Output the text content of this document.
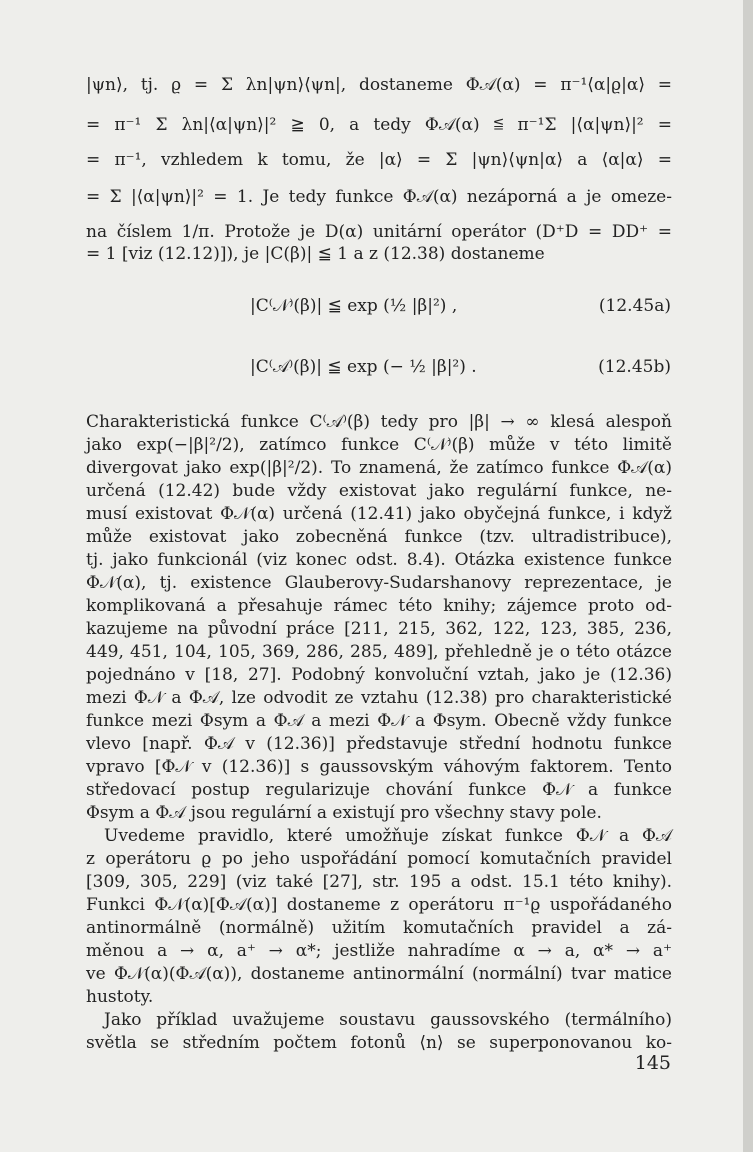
|ψn⟩, tj. ϱ = Σ λn|ψn⟩⟨ψn|, dostaneme Φ𝒜(α) = π⁻¹⟨α|ϱ|α⟩ =
= π⁻¹ Σ λn|⟨α|ψn⟩|² ≧ 0, a tedy Φ𝒜(α) ≦ π⁻¹Σ |⟨α|ψn⟩|² =
= π⁻¹, vzhledem k tomu, že |α⟩ = Σ |ψn⟩⟨ψn|α⟩ a ⟨α|α⟩ =
= Σ |⟨α|ψn⟩|² = 1. Je tedy funkce Φ𝒜(α) nezáporná a je omeze-
na číslem 1/π. Protože je D(α) unitární operátor (D⁺D = DD⁺ =
= 1 [viz (12.12)]), je |C(β)| ≦ 1 a z (12.38) dostaneme
|C⁽𝒩⁾(β)| ≦ exp (½ |β|²) ,	(12.45a)
|C⁽𝒜⁾(β)| ≦ exp (− ½ |β|²) .	(12.45b)
Charakteristická funkce C⁽𝒜⁾(β) tedy pro |β| → ∞ klesá alespoň
jako exp(−|β|²/2), zatímco funkce C⁽𝒩⁾(β) může v této limitě
divergovat jako exp(|β|²/2). To znamená, že zatímco funkce Φ𝒜(α)
určená (12.42) bude vždy existovat jako regulární funkce, ne-
musí existovat Φ𝒩(α) určená (12.41) jako obyčejná funkce, i když
může existovat jako zobecněná funkce (tzv. ultradistribuce),
tj. jako funkcionál (viz konec odst. 8.4). Otázka existence funkce
Φ𝒩(α), tj. existence Glauberovy-Sudarshanovy reprezentace, je
komplikovaná a přesahuje rámec této knihy; zájemce proto od-
kazujeme na původní práce [211, 215, 362, 122, 123, 385, 236,
449, 451, 104, 105, 369, 286, 285, 489], přehledně je o této otázce
pojednáno v [18, 27]. Podobný konvoluční vztah, jako je (12.36)
mezi Φ𝒩 a Φ𝒜, lze odvodit ze vztahu (12.38) pro charakteristické
funkce mezi Φsym a Φ𝒜 a mezi Φ𝒩 a Φsym. Obecně vždy funkce
vlevo [např. Φ𝒜 v (12.36)] představuje střední hodnotu funkce
vpravo [Φ𝒩 v (12.36)] s gaussovským váhovým faktorem. Tento
středovací postup regularizuje chování funkce Φ𝒩 a funkce
Φsym a Φ𝒜 jsou regulární a existují pro všechny stavy pole.
Uvedeme pravidlo, které umožňuje získat funkce Φ𝒩 a Φ𝒜
z operátoru ϱ po jeho uspořádání pomocí komutačních pravidel
[309, 305, 229] (viz také [27], str. 195 a odst. 15.1 této knihy).
Funkci Φ𝒩(α)[Φ𝒜(α)] dostaneme z operátoru π⁻¹ϱ uspořádaného
antinormálně (normálně) užitím komutačních pravidel a zá-
měnou a → α, a⁺ → α*; jestliže nahradíme α → a, α* → a⁺
ve Φ𝒩(α)(Φ𝒜(α)), dostaneme antinormální (normální) tvar matice
hustoty.
Jako příklad uvažujeme soustavu gaussovského (termálního)
světla se středním počtem fotonů ⟨n⟩ se superponovanou ko-
145
